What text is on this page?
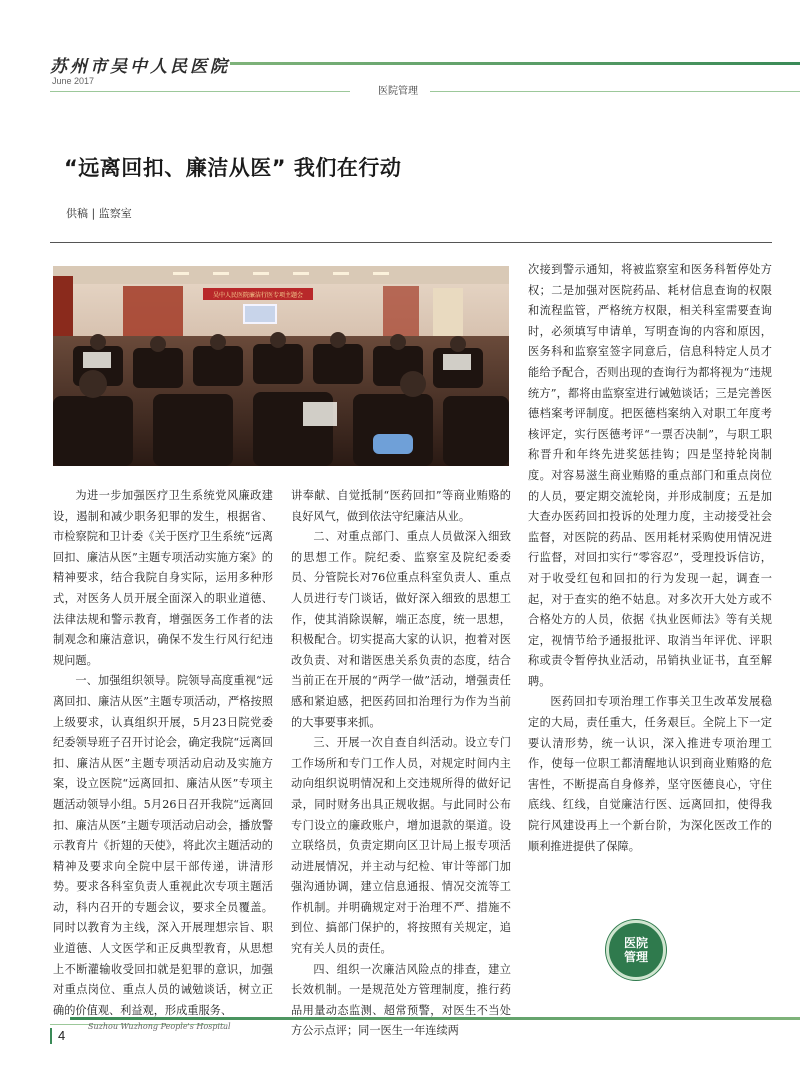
苏州市吴中人民医院
June 2017
医院管理
“远离回扣、廉洁从医” 我们在行动
供稿 | 监察室
吴中人民医院廉洁行医专项主题会

为进一步加强医疗卫生系统党风廉政建设，遏制和减少职务犯罪的发生，根据省、市检察院和卫计委《关于医疗卫生系统“远离回扣、廉洁从医”主题专项活动实施方案》的精神要求，结合我院自身实际，运用多种形式，对医务人员开展全面深入的职业道德、法律法规和警示教育，增强医务工作者的法制观念和廉洁意识，确保不发生行风行纪违规问题。

一、加强组织领导。院领导高度重视“远离回扣、廉洁从医”主题专项活动，严格按照上级要求，认真组织开展，5月23日院党委纪委领导班子召开讨论会，确定我院“远离回扣、廉洁从医”主题专项活动启动及实施方案，设立医院“远离回扣、廉洁从医”专项主题活动领导小组。5月26日召开我院“远离回扣、廉洁从医”主题专项活动启动会，播放警示教育片《折翅的天使》，将此次主题活动的精神及要求向全院中层干部传递，讲清形势。要求各科室负责人重视此次专项主题活动，科内召开的专题会议，要求全员覆盖。同时以教育为主线，深入开展理想宗旨、职业道德、人文医学和正反典型教育，从思想上不断灌输收受回扣就是犯罪的意识，加强对重点岗位、重点人员的诫勉谈话，树立正确的价值观、利益观，形成重服务、

讲奉献、自觉抵制“医药回扣”等商业贿赂的良好风气，做到依法守纪廉洁从业。

二、对重点部门、重点人员做深入细致的思想工作。院纪委、监察室及院纪委委员、分管院长对76位重点科室负责人、重点人员进行专门谈话，做好深入细致的思想工作，使其消除误解，端正态度，统一思想，积极配合。切实提高大家的认识，抱着对医改负责、对和谐医患关系负责的态度，结合当前正在开展的“两学一做”活动，增强责任感和紧迫感，把医药回扣治理行为作为当前的大事要事来抓。

三、开展一次自查自纠活动。设立专门工作场所和专门工作人员，对规定时间内主动向组织说明情况和上交违规所得的做好记录，同时财务出具正规收据。与此同时公布专门设立的廉政账户，增加退款的渠道。设立联络员，负责定期向区卫计局上报专项活动进展情况，并主动与纪检、审计等部门加强沟通协调，建立信息通报、情况交流等工作机制。并明确规定对于治理不严、措施不到位、搞部门保护的，将按照有关规定，追究有关人员的责任。

四、组织一次廉洁风险点的排查，建立长效机制。一是规范处方管理制度，推行药品用量动态监测、超常预警，对医生不当处方公示点评；同一医生一年连续两

次接到警示通知，将被监察室和医务科暂停处方权；二是加强对医院药品、耗材信息查询的权限和流程监管，严格统方权限，相关科室需要查询时，必须填写申请单，写明查询的内容和原因，医务科和监察室签字同意后，信息科特定人员才能给予配合，否则出现的查询行为都将视为“违规统方”，都将由监察室进行诫勉谈话；三是完善医德档案考评制度。把医德档案纳入对职工年度考核评定，实行医德考评“一票否决制”，与职工职称晋升和年终先进奖惩挂钩；四是坚持轮岗制度。对容易滋生商业贿赂的重点部门和重点岗位的人员，要定期交流轮岗，并形成制度；五是加大查办医药回扣投诉的处理力度，主动接受社会监督，对医院的药品、医用耗材采购使用情况进行监督，对回扣实行“零容忍”，受理投诉信访，对于收受红包和回扣的行为发现一起，调查一起，对于查实的绝不姑息。对多次开大处方或不合格处方的人员，依据《执业医师法》等有关规定，视情节给予通报批评、取消当年评优、评职称或责令暂停执业活动，吊销执业证书，直至解聘。

医药回扣专项治理工作事关卫生改革发展稳定的大局，责任重大，任务艰巨。全院上下一定要认清形势，统一认识，深入推进专项治理工作，使每一位职工都清醒地认识到商业贿赂的危害性，不断提高自身修养，坚守医德良心，守住底线、红线，自觉廉洁行医、远离回扣，使得我院行风建设再上一个新台阶，为深化医改工作的顺利推进提供了保障。

医院
管理
4
Suzhou Wuzhong People's Hospital
